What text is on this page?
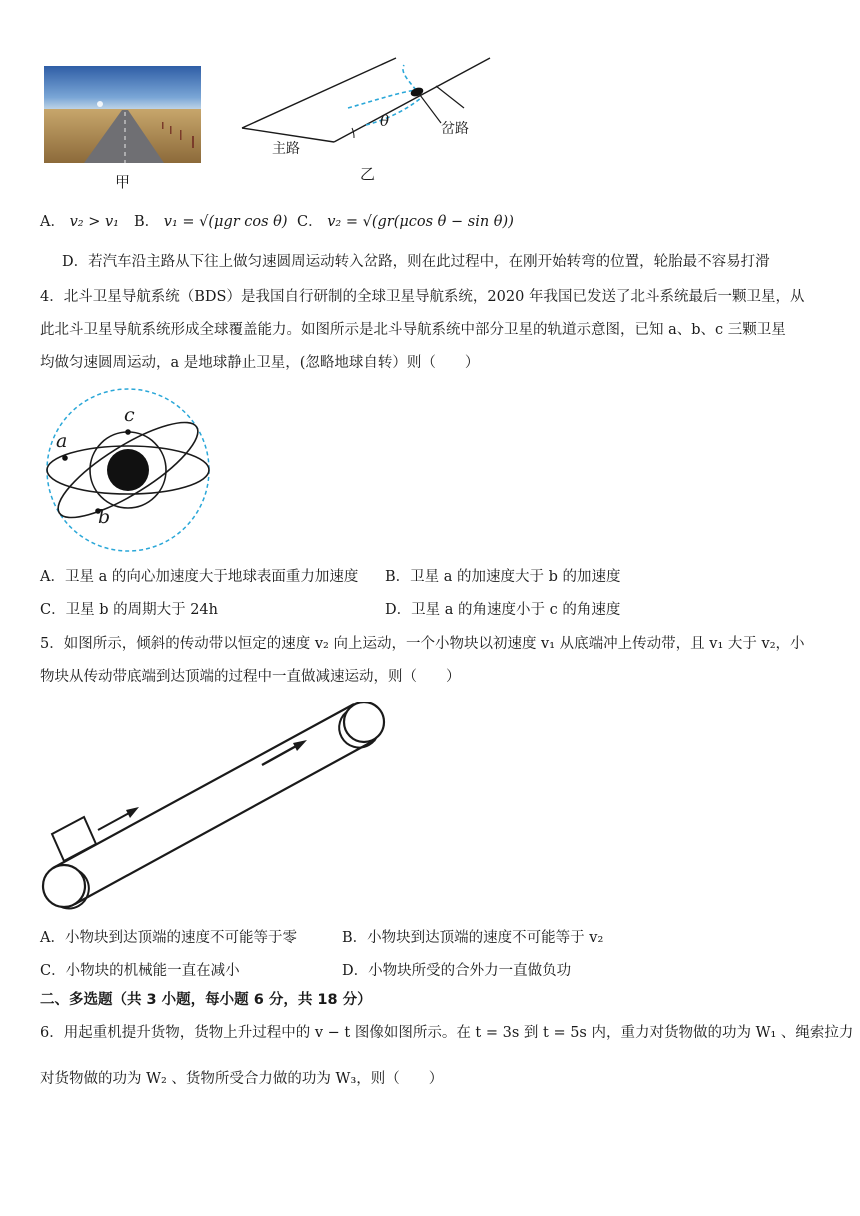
甲
θ
主路
岔路
乙
A． v₂ > v₁ B． v₁ = √(μgr cos θ) C． v₂ = √(gr(μcos θ − sin θ))
D．若汽车沿主路从下往上做匀速圆周运动转入岔路，则在此过程中，在刚开始转弯的位置，轮胎最不容易打滑
4．北斗卫星导航系统（BDS）是我国自行研制的全球卫星导航系统，2020 年我国已发送了北斗系统最后一颗卫星，从
此北斗卫星导航系统形成全球覆盖能力。如图所示是北斗导航系统中部分卫星的轨道示意图，已知 a、b、c 三颗卫星
均做匀速圆周运动，a 是地球静止卫星，(忽略地球自转）则（　　）
a
b
c
A．卫星 a 的向心加速度大于地球表面重力加速度 B．卫星 a 的加速度大于 b 的加速度
C．卫星 b 的周期大于 24h	D．卫星 a 的角速度小于 c 的角速度
5．如图所示，倾斜的传动带以恒定的速度 v₂ 向上运动，一个小物块以初速度 v₁ 从底端冲上传动带，且 v₁ 大于 v₂，小
物块从传动带底端到达顶端的过程中一直做减速运动，则（　　）
A．小物块到达顶端的速度不可能等于零	B．小物块到达顶端的速度不可能等于 v₂
C．小物块的机械能一直在减小	D．小物块所受的合外力一直做负功
二、多选题（共 3 小题，每小题 6 分，共 18 分）
6．用起重机提升货物，货物上升过程中的 v − t 图像如图所示。在 t = 3s 到 t = 5s 内，重力对货物做的功为 W₁ 、绳索拉力
对货物做的功为 W₂ 、货物所受合力做的功为 W₃，则（　　）
